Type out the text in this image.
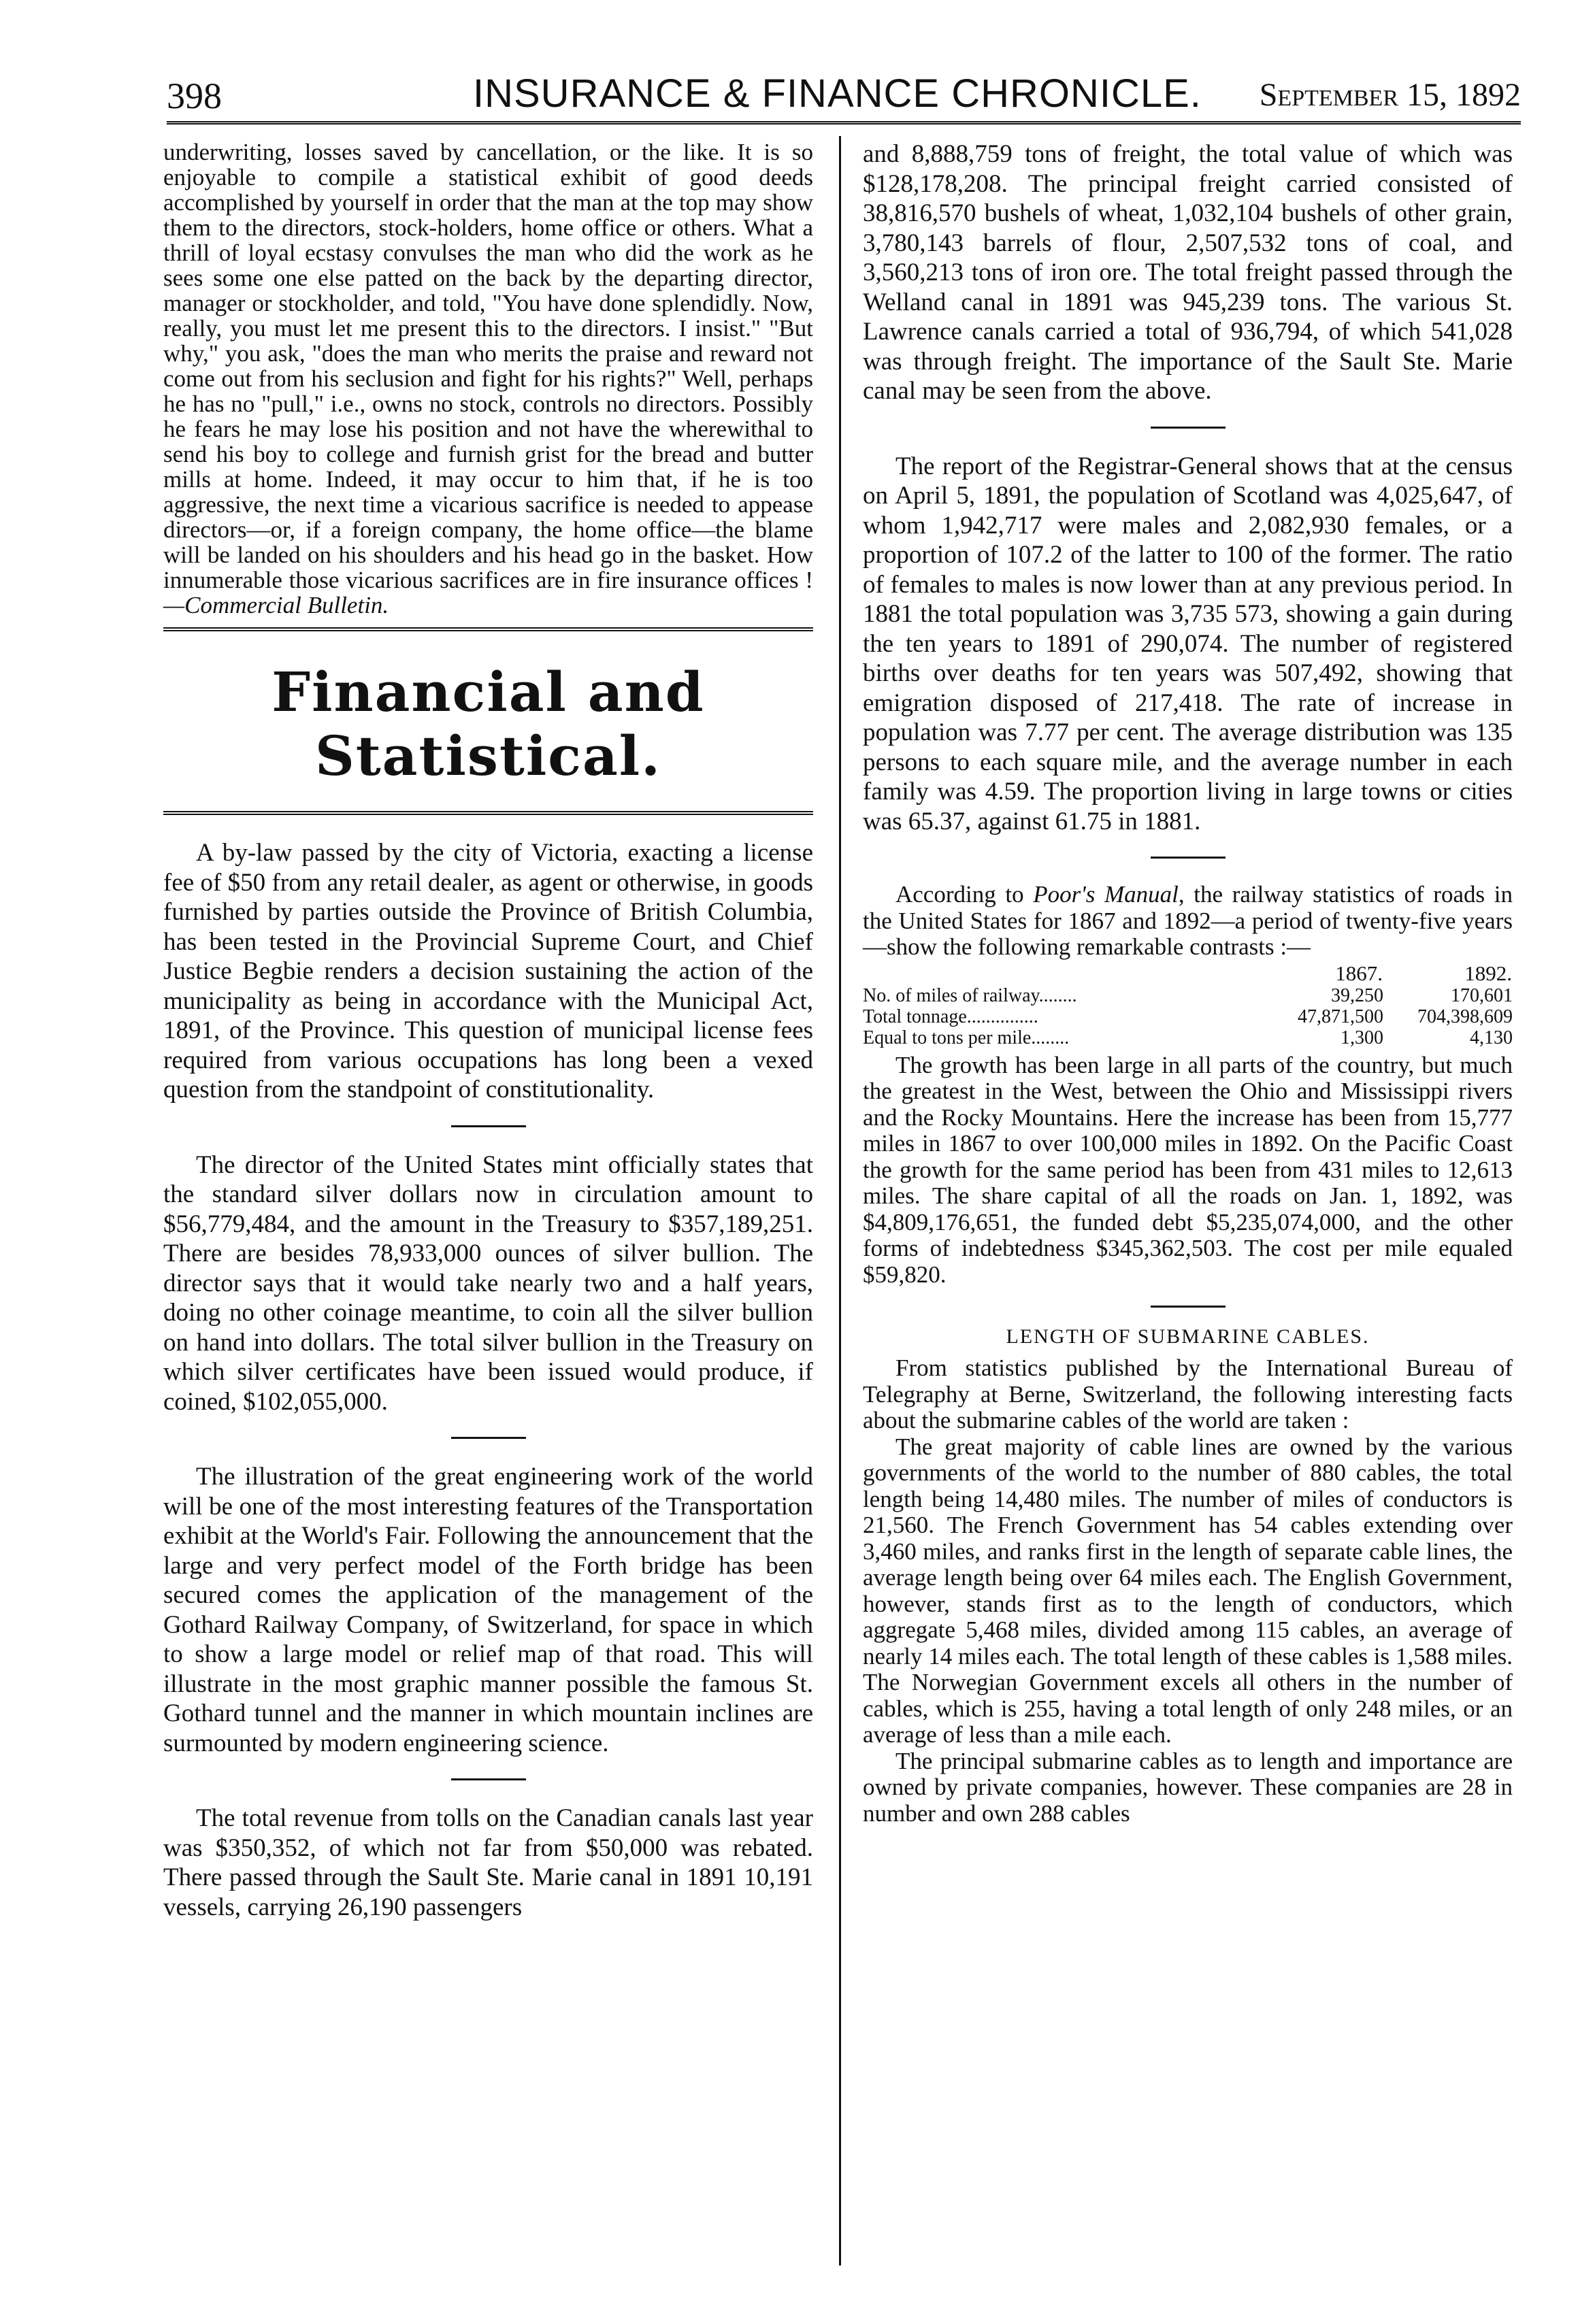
398	INSURANCE & FINANCE CHRONICLE. September 15, 1892

underwriting, losses saved by cancellation, or the like. It is so enjoyable to compile a statistical exhibit of good deeds accomplished by yourself in order that the man at the top may show them to the directors, stock-holders, home office or others. What a thrill of loyal ecstasy convulses the man who did the work as he sees some one else patted on the back by the departing director, manager or stockholder, and told, "You have done splendidly. Now, really, you must let me present this to the directors. I insist." "But why," you ask, "does the man who merits the praise and reward not come out from his seclusion and fight for his rights?" Well, perhaps he has no "pull," i.e., owns no stock, controls no directors. Possibly he fears he may lose his position and not have the wherewithal to send his boy to college and furnish grist for the bread and butter mills at home. Indeed, it may occur to him that, if he is too aggressive, the next time a vicarious sacrifice is needed to appease directors—or, if a foreign company, the home office—the blame will be landed on his shoulders and his head go in the basket. How innumerable those vicarious sacrifices are in fire insurance offices !—Commercial Bulletin.

Financial and Statistical.

A by-law passed by the city of Victoria, exacting a license fee of $50 from any retail dealer, as agent or otherwise, in goods furnished by parties outside the Province of British Columbia, has been tested in the Provincial Supreme Court, and Chief Justice Begbie renders a decision sustaining the action of the municipality as being in accordance with the Municipal Act, 1891, of the Province. This question of municipal license fees required from various occupations has long been a vexed question from the standpoint of constitutionality.

The director of the United States mint officially states that the standard silver dollars now in circulation amount to $56,779,484, and the amount in the Treasury to $357,189,251. There are besides 78,933,000 ounces of silver bullion. The director says that it would take nearly two and a half years, doing no other coinage meantime, to coin all the silver bullion on hand into dollars. The total silver bullion in the Treasury on which silver certificates have been issued would produce, if coined, $102,055,000.

The illustration of the great engineering work of the world will be one of the most interesting features of the Transportation exhibit at the World's Fair. Following the announcement that the large and very perfect model of the Forth bridge has been secured comes the application of the management of the Gothard Railway Company, of Switzerland, for space in which to show a large model or relief map of that road. This will illustrate in the most graphic manner possible the famous St. Gothard tunnel and the manner in which mountain inclines are surmounted by modern engineering science.

The total revenue from tolls on the Canadian canals last year was $350,352, of which not far from $50,000 was rebated. There passed through the Sault Ste. Marie canal in 1891 10,191 vessels, carrying 26,190 passengers

and 8,888,759 tons of freight, the total value of which was $128,178,208. The principal freight carried consisted of 38,816,570 bushels of wheat, 1,032,104 bushels of other grain, 3,780,143 barrels of flour, 2,507,532 tons of coal, and 3,560,213 tons of iron ore. The total freight passed through the Welland canal in 1891 was 945,239 tons. The various St. Lawrence canals carried a total of 936,794, of which 541,028 was through freight. The importance of the Sault Ste. Marie canal may be seen from the above.

The report of the Registrar-General shows that at the census on April 5, 1891, the population of Scotland was 4,025,647, of whom 1,942,717 were males and 2,082,930 females, or a proportion of 107.2 of the latter to 100 of the former. The ratio of females to males is now lower than at any previous period. In 1881 the total population was 3,735 573, showing a gain during the ten years to 1891 of 290,074. The number of registered births over deaths for ten years was 507,492, showing that emigration disposed of 217,418. The rate of increase in population was 7.77 per cent. The average distribution was 135 persons to each square mile, and the average number in each family was 4.59. The proportion living in large towns or cities was 65.37, against 61.75 in 1881.

According to Poor's Manual, the railway statistics of roads in the United States for 1867 and 1892—a period of twenty-five years—show the following remarkable contrasts :—

	1867.	1892.
No. of miles of railway........	39,250	170,601
Total tonnage...............	47,871,500	704,398,609
Equal to tons per mile........	1,300	4,130

The growth has been large in all parts of the country, but much the greatest in the West, between the Ohio and Mississippi rivers and the Rocky Mountains. Here the increase has been from 15,777 miles in 1867 to over 100,000 miles in 1892. On the Pacific Coast the growth for the same period has been from 431 miles to 12,613 miles. The share capital of all the roads on Jan. 1, 1892, was $4,809,176,651, the funded debt $5,235,074,000, and the other forms of indebtedness $345,362,503. The cost per mile equaled $59,820.

LENGTH OF SUBMARINE CABLES.

From statistics published by the International Bureau of Telegraphy at Berne, Switzerland, the following interesting facts about the submarine cables of the world are taken :

The great majority of cable lines are owned by the various governments of the world to the number of 880 cables, the total length being 14,480 miles. The number of miles of conductors is 21,560. The French Government has 54 cables extending over 3,460 miles, and ranks first in the length of separate cable lines, the average length being over 64 miles each. The English Government, however, stands first as to the length of conductors, which aggregate 5,468 miles, divided among 115 cables, an average of nearly 14 miles each. The total length of these cables is 1,588 miles. The Norwegian Government excels all others in the number of cables, which is 255, having a total length of only 248 miles, or an average of less than a mile each.

The principal submarine cables as to length and importance are owned by private companies, however. These companies are 28 in number and own 288 cables
